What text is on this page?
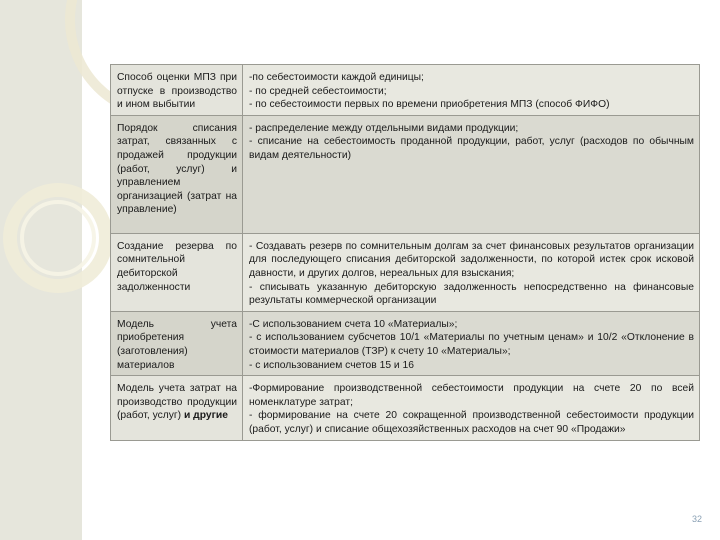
Способ оценки МПЗ при отпуске в производство и ином выбытии	-по себестоимости каждой единицы;
- по средней себестоимости;
- по себестоимости первых по времени приобретения МПЗ (способ ФИФО)

Порядок списания затрат, связанных с продажей продукции (работ, услуг) и управлением организацией (затрат на управление)	- распределение между отдельными видами продукции;
- списание на себестоимость проданной продукции, работ, услуг (расходов по обычным видам деятельности)

Создание резерва по сомнительной дебиторской задолженности	- Создавать резерв по сомнительным долгам за счет финансовых результатов организации для последующего списания дебиторской задолженности, по которой истек срок исковой давности, и других долгов, нереальных для взыскания;
- списывать указанную дебиторскую задолженность непосредственно на финансовые результаты коммерческой организации

Модель учета приобретения (заготовления) материалов	-С использованием счета 10 «Материалы»;
- с использованием субсчетов 10/1 «Материалы по учетным ценам» и 10/2 «Отклонение в стоимости материалов (ТЗР) к счету 10 «Материалы»;
- с использованием счетов 15 и 16

Модель учета затрат на производство продукции (работ, услуг) и другие	-Формирование производственной себестоимости продукции на счете 20 по всей номенклатуре затрат;
- формирование на счете 20 сокращенной производственной себестоимости продукции (работ, услуг) и списание общехозяйственных расходов на счет 90 «Продажи»
32
